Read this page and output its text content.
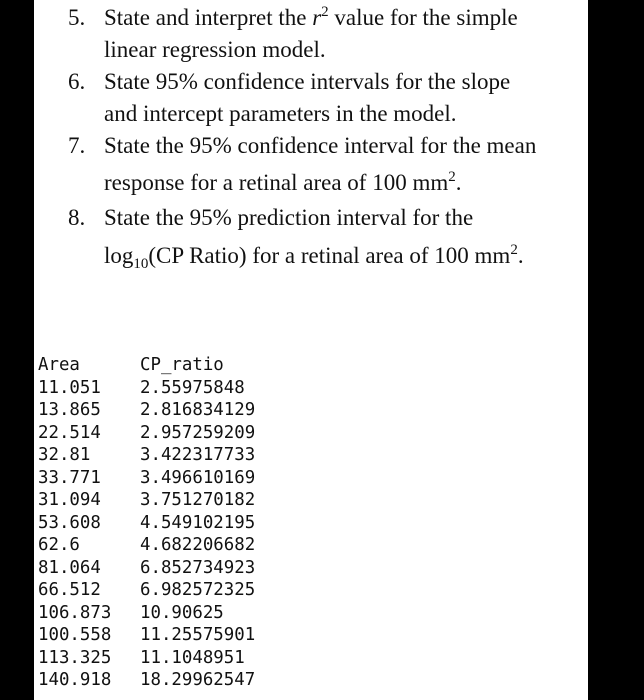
5. State and interpret the $r^2$ value for the simple
linear regression model.
6. State 95% confidence intervals for the slope
and intercept parameters in the model.
7. State the 95% confidence interval for the mean
response for a retinal area of 100 $mm^2$.
8. State the 95% prediction interval for the
$\log_{10}(CP$ Ratio) for a retinal area of 100 $mm^2$.
Area	CP_ratio
11.051	2.55975848
13.865	2.816834129
22.514	2.957259209
32.81	3.422317733
33.771	3.496610169
31.094	3.751270182
53.608	4.549102195
62.6	4.682206682
81.064	6.852734923
66.512	6.982572325
106.873	10.90625
100.558	11.25575901
113.325	11.1048951
140.918	18.29962547
